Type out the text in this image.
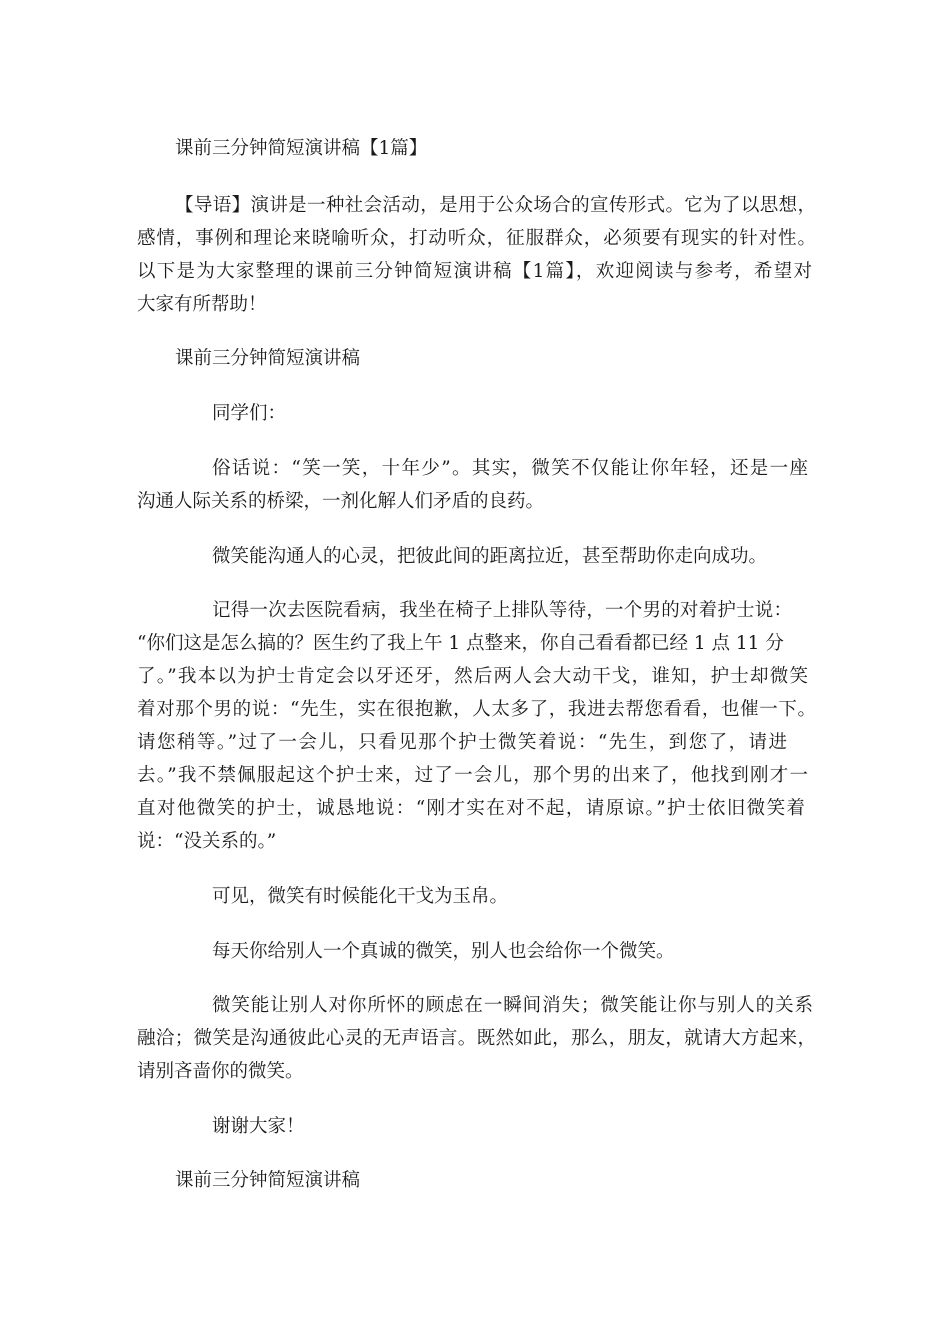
课前三分钟简短演讲稿【1篇】
【导语】演讲是一种社会活动，是用于公众场合的宣传形式。它为了以思想，
感情，事例和理论来晓喻听众，打动听众，征服群众，必须要有现实的针对性。
以下是为大家整理的课前三分钟简短演讲稿【1篇】，欢迎阅读与参考，希望对
大家有所帮助！
课前三分钟简短演讲稿
同学们：
俗话说：“笑一笑，十年少”。其实，微笑不仅能让你年轻，还是一座
沟通人际关系的桥梁，一剂化解人们矛盾的良药。
微笑能沟通人的心灵，把彼此间的距离拉近，甚至帮助你走向成功。
记得一次去医院看病，我坐在椅子上排队等待，一个男的对着护士说：
“你们这是怎么搞的？医生约了我上午 1 点整来，你自己看看都已经 1 点 11 分
了。”我本以为护士肯定会以牙还牙，然后两人会大动干戈，谁知，护士却微笑
着对那个男的说：“先生，实在很抱歉，人太多了，我进去帮您看看，也催一下。
请您稍等。”过了一会儿，只看见那个护士微笑着说：“先生，到您了，请进
去。”我不禁佩服起这个护士来，过了一会儿，那个男的出来了，他找到刚才一
直对他微笑的护士，诚恳地说：“刚才实在对不起，请原谅。”护士依旧微笑着
说：“没关系的。”
可见，微笑有时候能化干戈为玉帛。
每天你给别人一个真诚的微笑，别人也会给你一个微笑。
微笑能让别人对你所怀的顾虑在一瞬间消失；微笑能让你与别人的关系
融洽；微笑是沟通彼此心灵的无声语言。既然如此，那么，朋友，就请大方起来，
请别吝啬你的微笑。
谢谢大家！
课前三分钟简短演讲稿
